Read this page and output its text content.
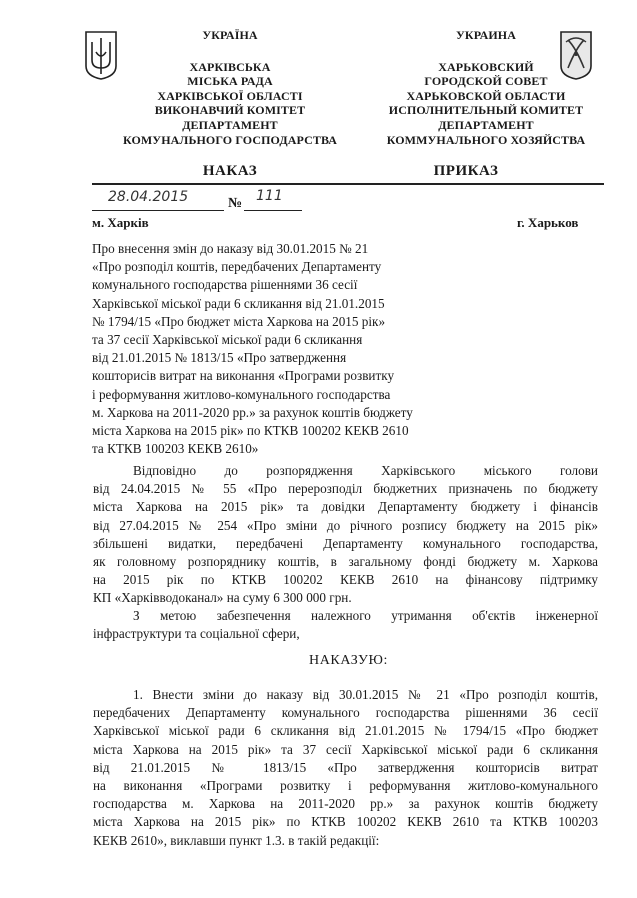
УКРАЇНА
ХАРКІВСЬКА
МІСЬКА РАДА
ХАРКІВСЬКОЇ ОБЛАСТІ
ВИКОНАВЧИЙ КОМІТЕТ
ДЕПАРТАМЕНТ
КОМУНАЛЬНОГО ГОСПОДАРСТВА
УКРАИНА
ХАРЬКОВСКИЙ
ГОРОДСКОЙ СОВЕТ
ХАРЬКОВСКОЙ ОБЛАСТИ
ИСПОЛНИТЕЛЬНЫЙ КОМИТЕТ
ДЕПАРТАМЕНТ
КОММУНАЛЬНОГО ХОЗЯЙСТВА
НАКАЗ	ПРИКАЗ
28.04.2015	№ 111
м. Харків	г. Харьков
Про внесення змін до наказу від 30.01.2015 № 21
«Про розподіл коштів, передбачених Департаменту
комунального господарства рішеннями 36 сесії
Харківської міської ради 6 скликання від 21.01.2015
№ 1794/15 «Про бюджет міста Харкова на 2015 рік»
та 37 сесії Харківської міської ради 6 скликання
від 21.01.2015 № 1813/15 «Про затвердження
кошторисів витрат на виконання «Програми розвитку
і реформування житлово-комунального господарства
м. Харкова на 2011-2020 рр.» за рахунок коштів бюджету
міста Харкова на 2015 рік» по КТКВ 100202 КЕКВ 2610
та КТКВ 100203 КЕКВ 2610»
Відповідно до розпорядження Харківського міського голови
від 24.04.2015 № 55 «Про перерозподіл бюджетних призначень по бюджету
міста Харкова на 2015 рік» та довідки Департаменту бюджету і фінансів
від 27.04.2015 № 254 «Про зміни до річного розпису бюджету на 2015 рік»
збільшені видатки, передбачені Департаменту комунального господарства,
як головному розпоряднику коштів, в загальному фонді бюджету м. Харкова
на 2015 рік по КТКВ 100202 КЕКВ 2610 на фінансову підтримку
КП «Харківводоканал» на суму 6 300 000 грн.
З метою забезпечення належного утримання об'єктів інженерної
інфраструктури та соціальної сфери,
НАКАЗУЮ:
1. Внести зміни до наказу від 30.01.2015 № 21 «Про розподіл коштів,
передбачених Департаменту комунального господарства рішеннями 36 сесії
Харківської міської ради 6 скликання від 21.01.2015 № 1794/15 «Про бюджет
міста Харкова на 2015 рік» та 37 сесії Харківської міської ради 6 скликання
від 21.01.2015 № 1813/15 «Про затвердження кошторисів витрат
на виконання «Програми розвитку і реформування житлово-комунального
господарства м. Харкова на 2011-2020 рр.» за рахунок коштів бюджету
міста Харкова на 2015 рік» по КТКВ 100202 КЕКВ 2610 та КТКВ 100203
КЕКВ 2610», виклавши пункт 1.3. в такій редакції:
